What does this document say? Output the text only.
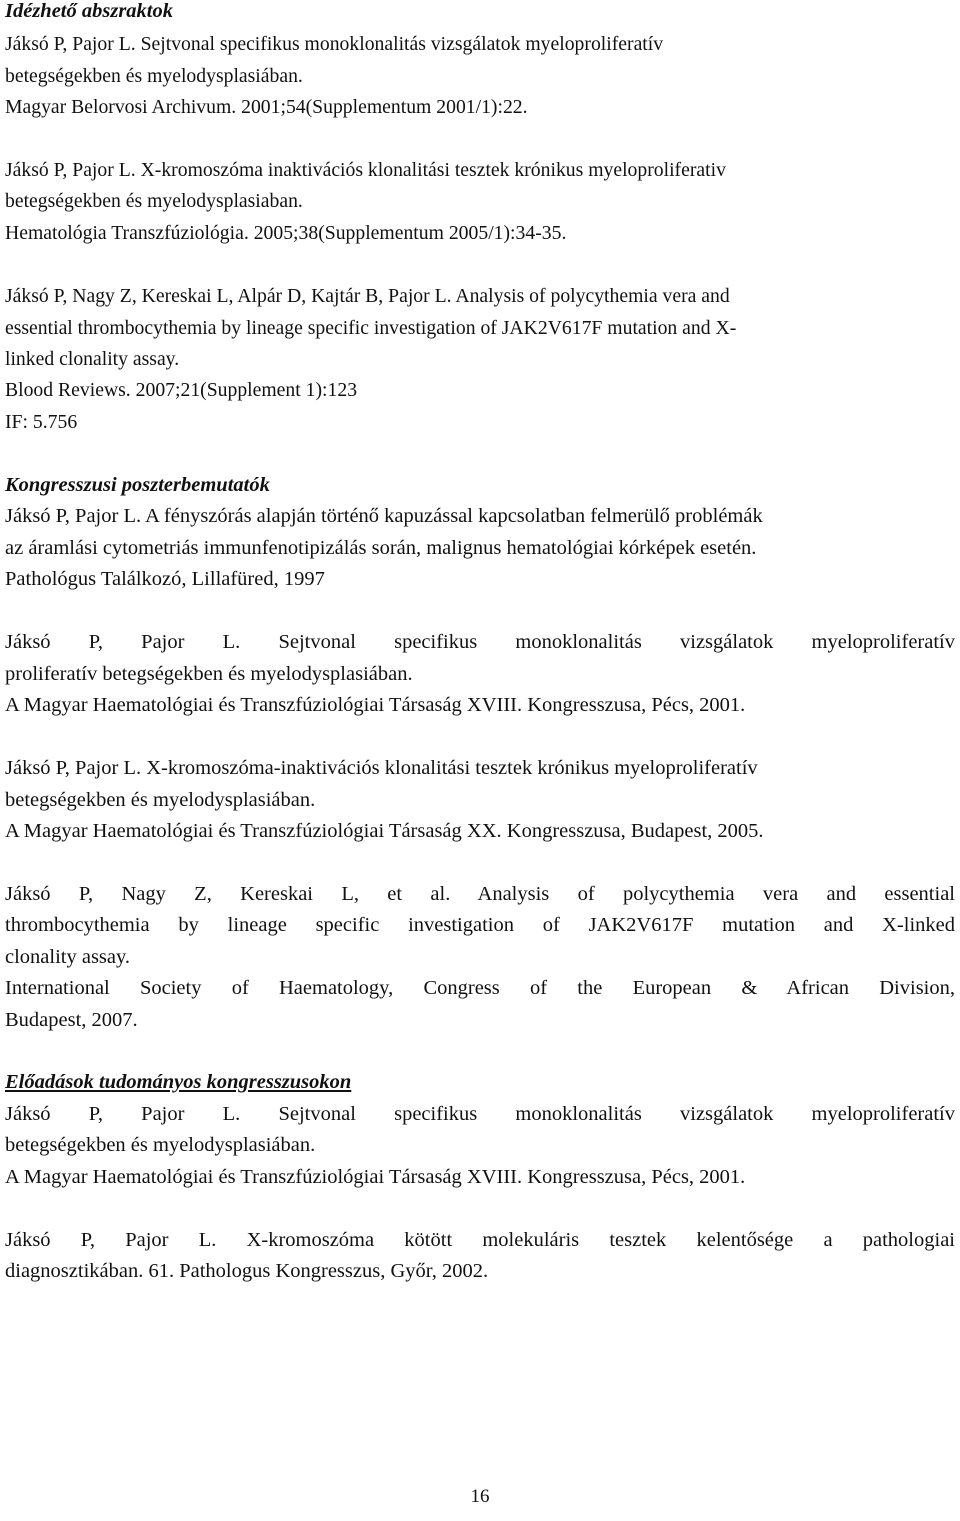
Idézhető abszraktok
Jáksó P, Pajor L. Sejtvonal specifikus monoklonalitás vizsgálatok myeloproliferatív
betegségekben és myelodysplasiában.
Magyar Belorvosi Archivum. 2001;54(Supplementum 2001/1):22.
Jáksó P, Pajor L. X-kromoszóma inaktivációs klonalitási tesztek krónikus myeloproliferativ
betegségekben és myelodysplasiaban.
Hematológia Transzfúziológia. 2005;38(Supplementum 2005/1):34-35.
Jáksó P, Nagy Z, Kereskai L, Alpár D, Kajtár B, Pajor L. Analysis of polycythemia vera and
essential thrombocythemia by lineage specific investigation of JAK2V617F mutation and X-
linked clonality assay.
Blood Reviews. 2007;21(Supplement 1):123
IF: 5.756
Kongresszusi poszterbemutatók
Jáksó P, Pajor L. A fényszórás alapján történő kapuzással kapcsolatban felmerülő problémák
az áramlási cytometriás immunfenotipizálás során, malignus hematológiai kórképek esetén.
Pathológus Találkozó, Lillafüred, 1997
Jáksó P, Pajor L. Sejtvonal specifikus monoklonalitás vizsgálatok myeloproliferatív
proliferatív betegségekben és myelodysplasiában.
A Magyar Haematológiai és Transzfúziológiai Társaság XVIII. Kongresszusa, Pécs, 2001.
Jáksó P, Pajor L. X-kromoszóma-inaktivációs klonalitási tesztek krónikus myeloproliferatív
betegségekben és myelodysplasiában.
A Magyar Haematológiai és Transzfúziológiai Társaság XX. Kongresszusa, Budapest, 2005.
Jáksó P, Nagy Z, Kereskai L, et al. Analysis of polycythemia vera and essential
thrombocythemia by lineage specific investigation of JAK2V617F mutation and X-linked
clonality assay.
International Society of Haematology, Congress of the European & African Division,
Budapest, 2007.
Előadások tudományos kongresszusokon
Jáksó P, Pajor L. Sejtvonal specifikus monoklonalitás vizsgálatok myeloproliferatív
betegségekben és myelodysplasiában.
A Magyar Haematológiai és Transzfúziológiai Társaság XVIII. Kongresszusa, Pécs, 2001.
Jáksó P, Pajor L. X-kromoszóma kötött molekuláris tesztek kelentősége a pathologiai
diagnosztikában. 61. Pathologus Kongresszus, Győr, 2002.
16
